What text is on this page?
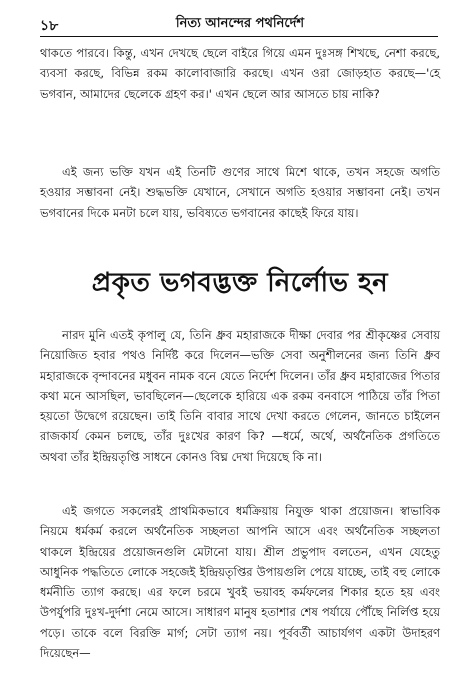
১৮	নিত্য আনন্দের পথনির্দেশ

থাকতে পারবে। কিন্তু, এখন দেখছে ছেলে বাইরে গিয়ে এমন দুঃসঙ্গ শিখছে, নেশা করছে, ব্যবসা করছে, বিভিন্ন রকম কালোবাজারি করছে। এখন ওরা জোড়হাত করছে—'হে ভগবান, আমাদের ছেলেকে গ্রহণ কর।' এখন ছেলে আর আসতে চায় নাকি?

এই জন্য ভক্তি যখন এই তিনটি গুণের সাথে মিশে থাকে, তখন সহজে অগতি হওয়ার সম্ভাবনা নেই। শুদ্ধভক্তি যেখানে, সেখানে অগতি হওয়ার সম্ভাবনা নেই। তখন ভগবানের দিকে মনটা চলে যায়, ভবিষ্যতে ভগবানের কাছেই ফিরে যায়।

প্রকৃত ভগবদ্ভক্ত নির্লোভ হন

নারদ মুনি এতই কৃপালু যে, তিনি ধ্রুব মহারাজকে দীক্ষা দেবার পর শ্রীকৃষ্ণের সেবায় নিয়োজিত হবার পথও নির্দিষ্ট করে দিলেন—ভক্তি সেবা অনুশীলনের জন্য তিনি ধ্রুব মহারাজকে বৃন্দাবনের মধুবন নামক বনে যেতে নির্দেশ দিলেন। তাঁর ধ্রুব মহারাজের পিতার কথা মনে আসছিল, ভাবছিলেন—ছেলেকে হারিয়ে এক রকম বনবাসে পাঠিয়ে তাঁর পিতা হয়তো উদ্বেগে রয়েছেন। তাই তিনি বাবার সাথে দেখা করতে গেলেন, জানতে চাইলেন রাজকার্য কেমন চলছে, তাঁর দুঃখের কারণ কি? —ধর্মে, অর্থে, অর্থনৈতিক প্রগতিতে অথবা তাঁর ইন্দ্রিয়তৃপ্তি সাধনে কোনও বিঘ্ন দেখা দিয়েছে কি না।

এই জগতে সকলেরই প্রাথমিকভাবে ধর্মক্রিয়ায় নিযুক্ত থাকা প্রয়োজন। স্বাভাবিক নিয়মে ধর্মকর্ম করলে অর্থনৈতিক সচ্ছলতা আপনি আসে এবং অর্থনৈতিক সচ্ছলতা থাকলে ইন্দ্রিয়ের প্রয়োজনগুলি মেটানো যায়। শ্রীল প্রভুপাদ বলতেন, এখন যেহেতু আধুনিক পদ্ধতিতে লোকে সহজেই ইন্দ্রিয়তৃপ্তির উপায়গুলি পেয়ে যাচ্ছে, তাই বহু লোকে ধর্মনীতি ত্যাগ করছে। এর ফলে চরমে খুবই ভয়াবহ কর্মফলের শিকার হতে হয় এবং উপর্যুপরি দুঃখ-দুর্দশা নেমে আসে। সাধারণ মানুষ হতাশার শেষ পর্যায়ে পৌঁছে নির্লিপ্ত হয়ে পড়ে। তাকে বলে বিরক্তি মার্গ; সেটা ত্যাগ নয়। পূর্ববর্তী আচার্যগণ একটা উদাহরণ দিয়েছেন—
